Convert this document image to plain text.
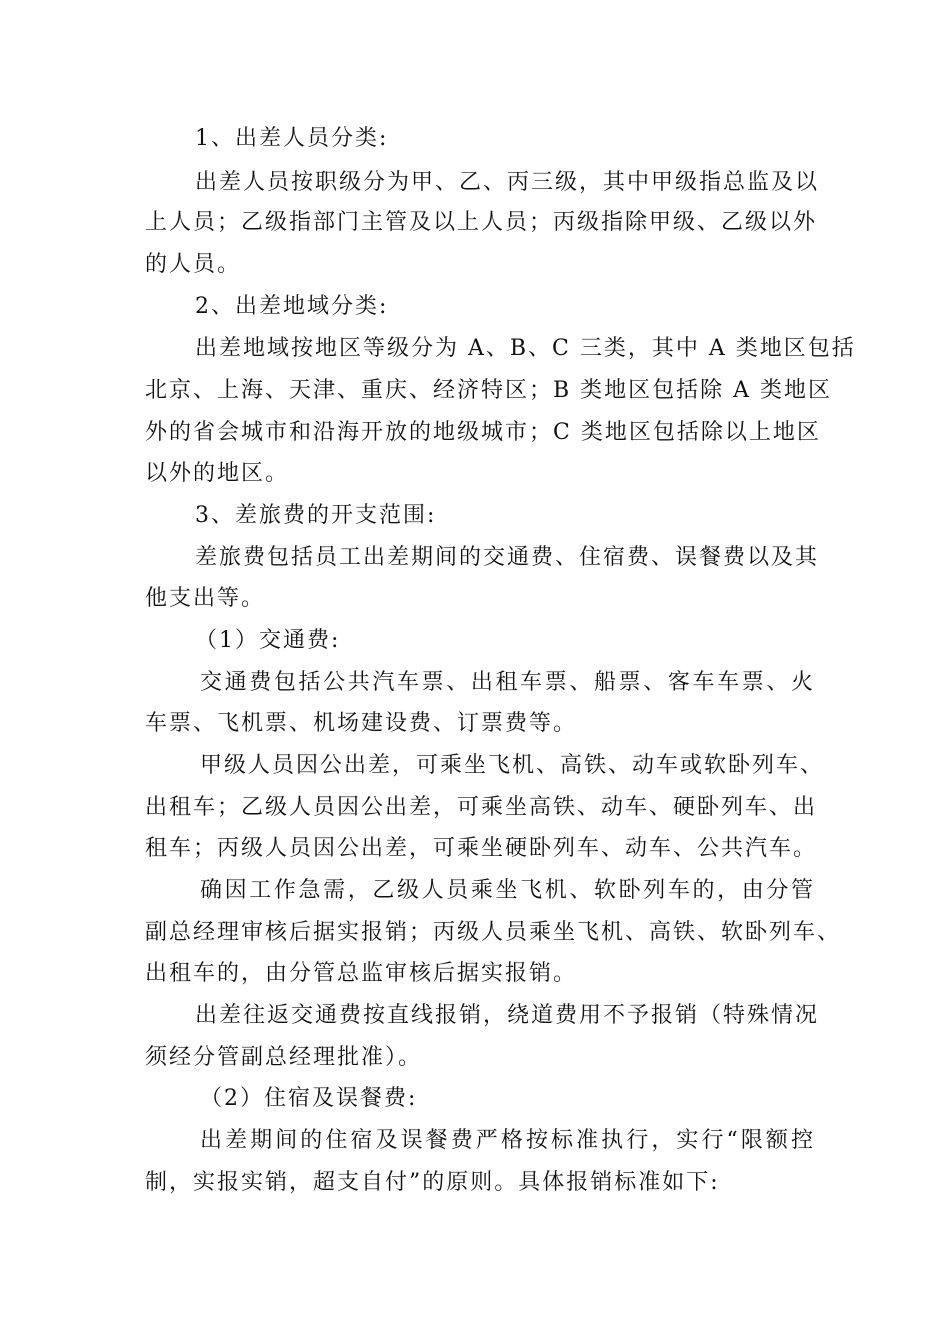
1、出差人员分类:
出差人员按职级分为甲、乙、丙三级，其中甲级指总监及以
上人员；乙级指部门主管及以上人员；丙级指除甲级、乙级以外
的人员。
2、出差地域分类:
出差地域按地区等级分为 A、B、C 三类，其中 A 类地区包括
北京、上海、天津、重庆、经济特区；B 类地区包括除 A 类地区
外的省会城市和沿海开放的地级城市；C 类地区包括除以上地区
以外的地区。
3、差旅费的开支范围:
差旅费包括员工出差期间的交通费、住宿费、误餐费以及其
他支出等。
（1）交通费:
交通费包括公共汽车票、出租车票、船票、客车车票、火
车票、飞机票、机场建设费、订票费等。
甲级人员因公出差，可乘坐飞机、高铁、动车或软卧列车、
出租车；乙级人员因公出差，可乘坐高铁、动车、硬卧列车、出
租车；丙级人员因公出差，可乘坐硬卧列车、动车、公共汽车。
确因工作急需，乙级人员乘坐飞机、软卧列车的，由分管
副总经理审核后据实报销；丙级人员乘坐飞机、高铁、软卧列车、
出租车的，由分管总监审核后据实报销。
出差往返交通费按直线报销，绕道费用不予报销（特殊情况
须经分管副总经理批准）。
（2）住宿及误餐费:
出差期间的住宿及误餐费严格按标准执行，实行“限额控
制，实报实销，超支自付”的原则。具体报销标准如下:
